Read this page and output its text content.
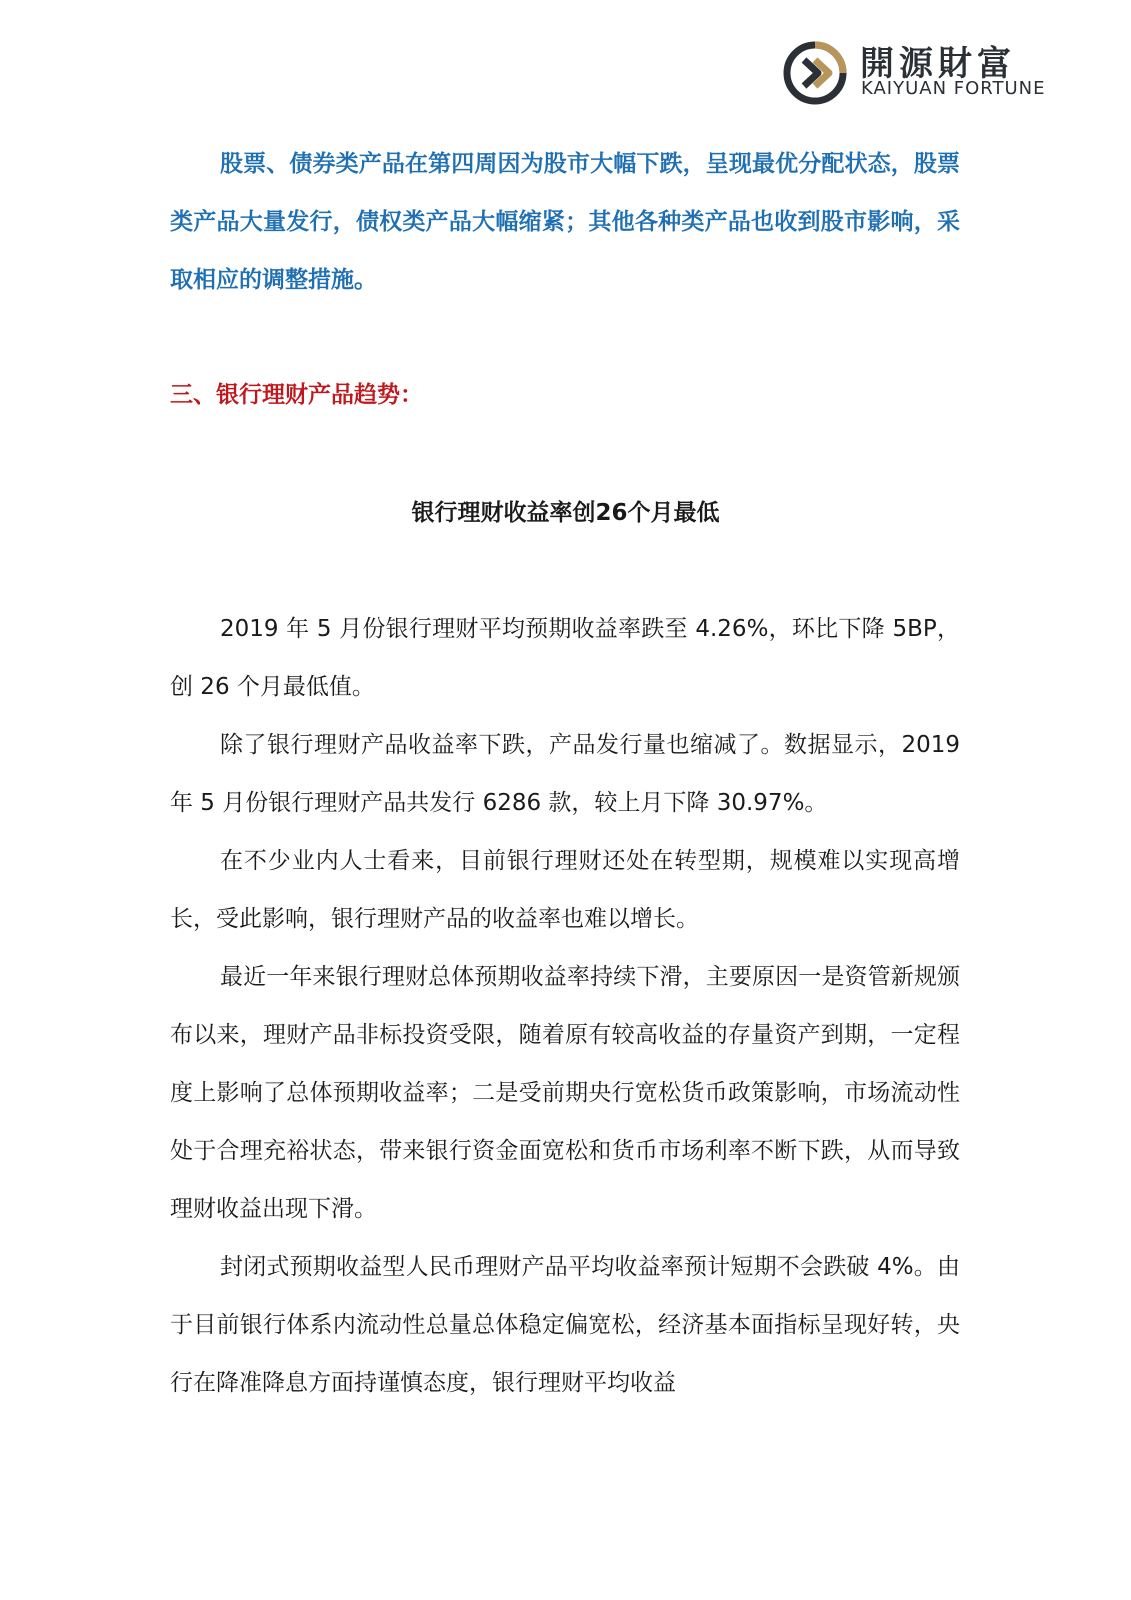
開源財富
KAIYUAN FORTUNE

股票、债券类产品在第四周因为股市大幅下跌，呈现最优分配状态，股票类产品大量发行，债权类产品大幅缩紧；其他各种类产品也收到股市影响，采取相应的调整措施。

三、银行理财产品趋势：

银行理财收益率创26个月最低

2019 年 5 月份银行理财平均预期收益率跌至 4.26%，环比下降 5BP，创 26 个月最低值。

除了银行理财产品收益率下跌，产品发行量也缩减了。数据显示，2019 年 5 月份银行理财产品共发行 6286 款，较上月下降 30.97%。

在不少业内人士看来，目前银行理财还处在转型期，规模难以实现高增长，受此影响，银行理财产品的收益率也难以增长。

最近一年来银行理财总体预期收益率持续下滑，主要原因一是资管新规颁布以来，理财产品非标投资受限，随着原有较高收益的存量资产到期，一定程度上影响了总体预期收益率；二是受前期央行宽松货币政策影响，市场流动性处于合理充裕状态，带来银行资金面宽松和货币市场利率不断下跌，从而导致理财收益出现下滑。

封闭式预期收益型人民币理财产品平均收益率预计短期不会跌破 4%。由于目前银行体系内流动性总量总体稳定偏宽松，经济基本面指标呈现好转，央行在降准降息方面持谨慎态度，银行理财平均收益
